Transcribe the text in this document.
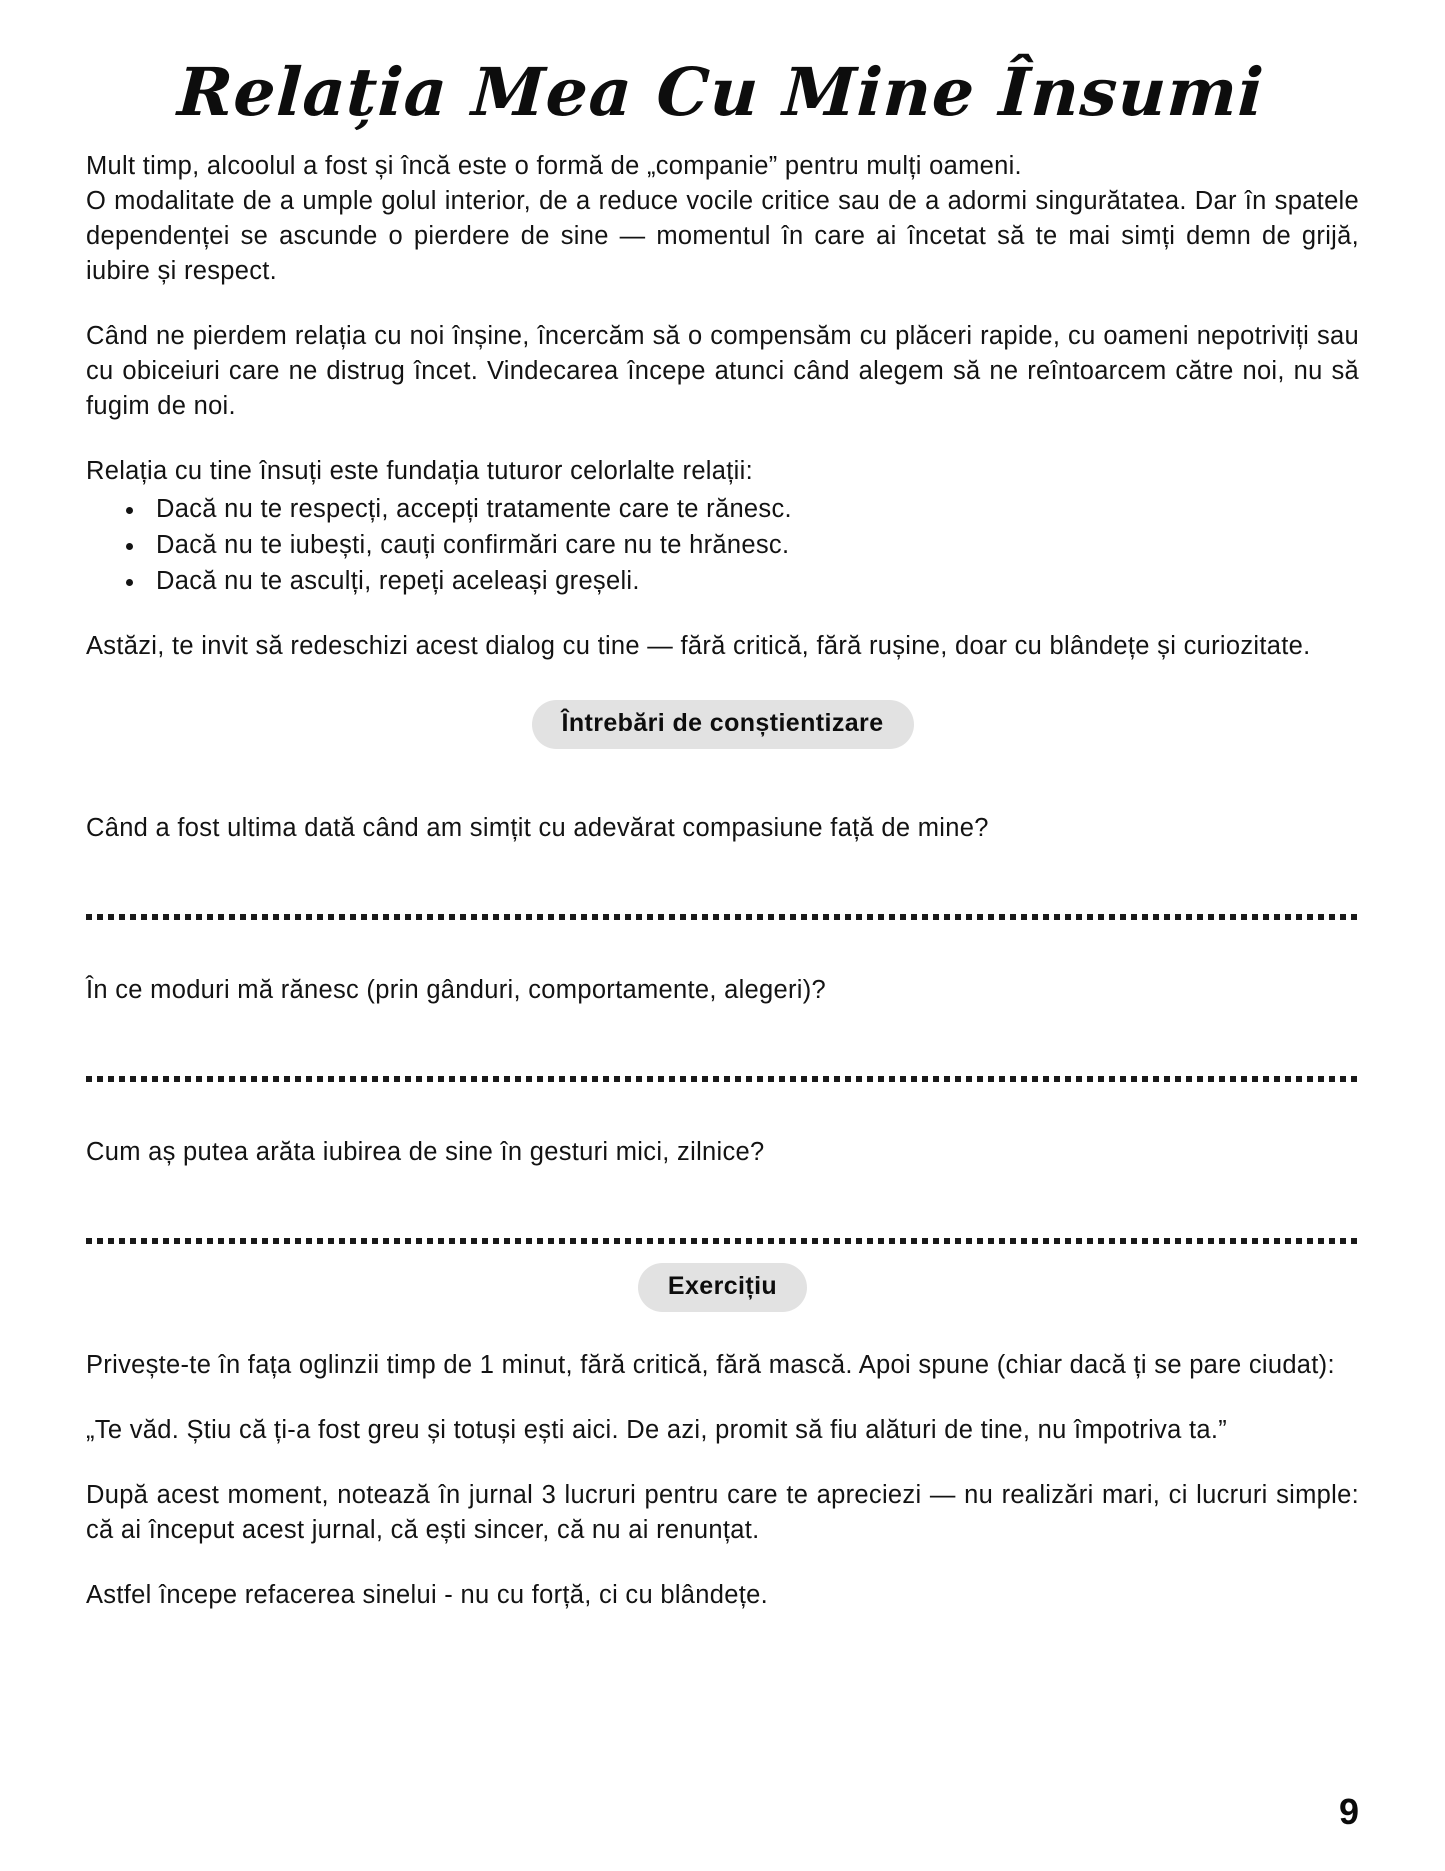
Relația Mea Cu Mine Însumi

Mult timp, alcoolul a fost și încă este o formă de „companie” pentru mulți oameni.

O modalitate de a umple golul interior, de a reduce vocile critice sau de a adormi singurătatea. Dar în spatele dependenței se ascunde o pierdere de sine — momentul în care ai încetat să te mai simți demn de grijă, iubire și respect.

Când ne pierdem relația cu noi înșine, încercăm să o compensăm cu plăceri rapide, cu oameni nepotriviți sau cu obiceiuri care ne distrug încet. Vindecarea începe atunci când alegem să ne reîntoarcem către noi, nu să fugim de noi.

Relația cu tine însuți este fundația tuturor celorlalte relații:

Dacă nu te respecți, accepți tratamente care te rănesc.
Dacă nu te iubești, cauți confirmări care nu te hrănesc.
Dacă nu te asculți, repeți aceleași greșeli.

Astăzi, te invit să redeschizi acest dialog cu tine — fără critică, fără rușine, doar cu blândețe și curiozitate.

Întrebări de conștientizare

Când a fost ultima dată când am simțit cu adevărat compasiune față de mine?

În ce moduri mă rănesc (prin gânduri, comportamente, alegeri)?

Cum aș putea arăta iubirea de sine în gesturi mici, zilnice?

Exercițiu

Privește-te în fața oglinzii timp de 1 minut, fără critică, fără mască. Apoi spune (chiar dacă ți se pare ciudat):

„Te văd. Știu că ți-a fost greu și totuși ești aici. De azi, promit să fiu alături de tine, nu împotriva ta.”

După acest moment, notează în jurnal 3 lucruri pentru care te apreciezi — nu realizări mari, ci lucruri simple: că ai început acest jurnal, că ești sincer, că nu ai renunțat.

Astfel începe refacerea sinelui - nu cu forță, ci cu blândețe.

9
